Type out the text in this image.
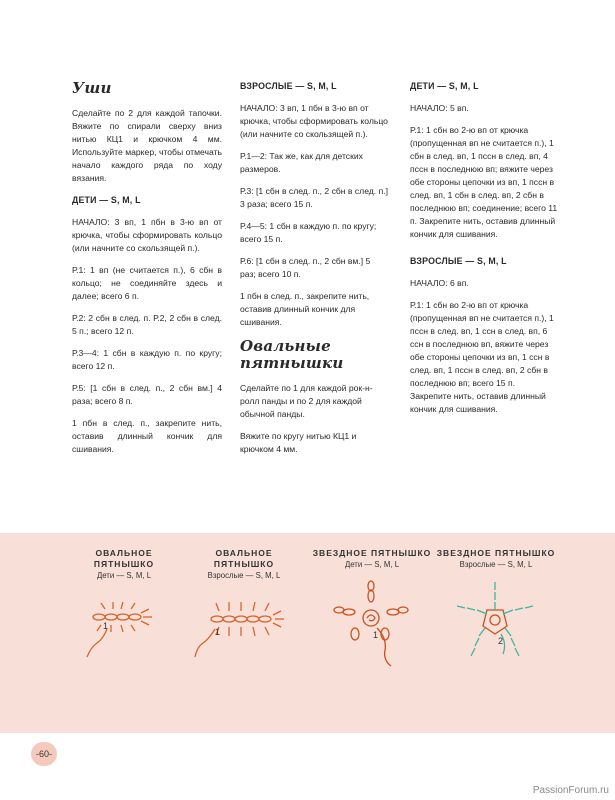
Уши

Сделайте по 2 для каждой тапочки. Вяжите по спирали сверху вниз нитью КЦ1 и крючком 4 мм. Используйте маркер, чтобы отмечать начало каждого ряда по ходу вязания.

ДЕТИ — S, M, L

НАЧАЛО: 3 вп, 1 пбн в 3-ю вп от крючка, чтобы сформировать кольцо (или начните со скользящей п.).

Р.1: 1 вп (не считается п.), 6 сбн в кольцо; не соединяйте здесь и далее; всего 6 п.

Р.2: 2 сбн в след. п. Р.2, 2 сбн в след. 5 п.; всего 12 п.

Р.3—4: 1 сбн в каждую п. по кругу; всего 12 п.

Р.5: [1 сбн в след. п., 2 сбн вм.] 4 раза; всего 8 п.

1 пбн в след. п., закрепите нить, оставив длинный кончик для сшивания.

ВЗРОСЛЫЕ — S, M, L

НАЧАЛО: 3 вп, 1 пбн в 3-ю вп от крючка, чтобы сформировать кольцо (или начните со скользящей п.).

Р.1—2: Так же, как для детских размеров.

Р.3: [1 сбн в след. п., 2 сбн в след. п.] 3 раза; всего 15 п.

Р.4—5: 1 сбн в каждую п. по кругу; всего 15 п.

Р.6: [1 сбн в след. п., 2 сбн вм.] 5 раз; всего 10 п.

1 пбн в след. п., закрепите нить, оставив длинный кончик для сшивания.

Овальные пятнышки

Сделайте по 1 для каждой рок-н-ролл панды и по 2 для каждой обычной панды.

Вяжите по кругу нитью КЦ1 и крючком 4 мм.

ДЕТИ — S, M, L

НАЧАЛО: 5 вп.

Р.1: 1 сбн во 2-ю вп от крючка (пропущенная вп не считается п.), 1 сбн в след. вп, 1 пссн в след. вп, 4 пссн в последнюю вп; вяжите через обе стороны цепочки из вп, 1 пссн в след. вп, 1 сбн в след. вп, 2 сбн в последнюю вп; соединение; всего 11 п. Закрепите нить, оставив длинный кончик для сшивания.

ВЗРОСЛЫЕ — S, M, L

НАЧАЛО: 6 вп.

Р.1: 1 сбн во 2-ю вп от крючка (пропущенная вп не считается п.), 1 пссн в след. вп, 1 ссн в след. вп, 6 ссн в последнюю вп, вяжите через обе стороны цепочки из вп, 1 ссн в след. вп, 1 пссн в след. вп, 2 сбн в последнюю вп; всего 15 п. Закрепите нить, оставив длинный кончик для сшивания.

ОВАЛЬНОЕ ПЯТНЫШКО
Дети — S, M, L
1
ОВАЛЬНОЕ ПЯТНЫШКО
Взрослые — S, M, L
1
ЗВЕЗДНОЕ ПЯТНЫШКО
Дети — S, M, L
1
ЗВЕЗДНОЕ ПЯТНЫШКО
Взрослые — S, M, L
2
-60-
PassionForum.ru
